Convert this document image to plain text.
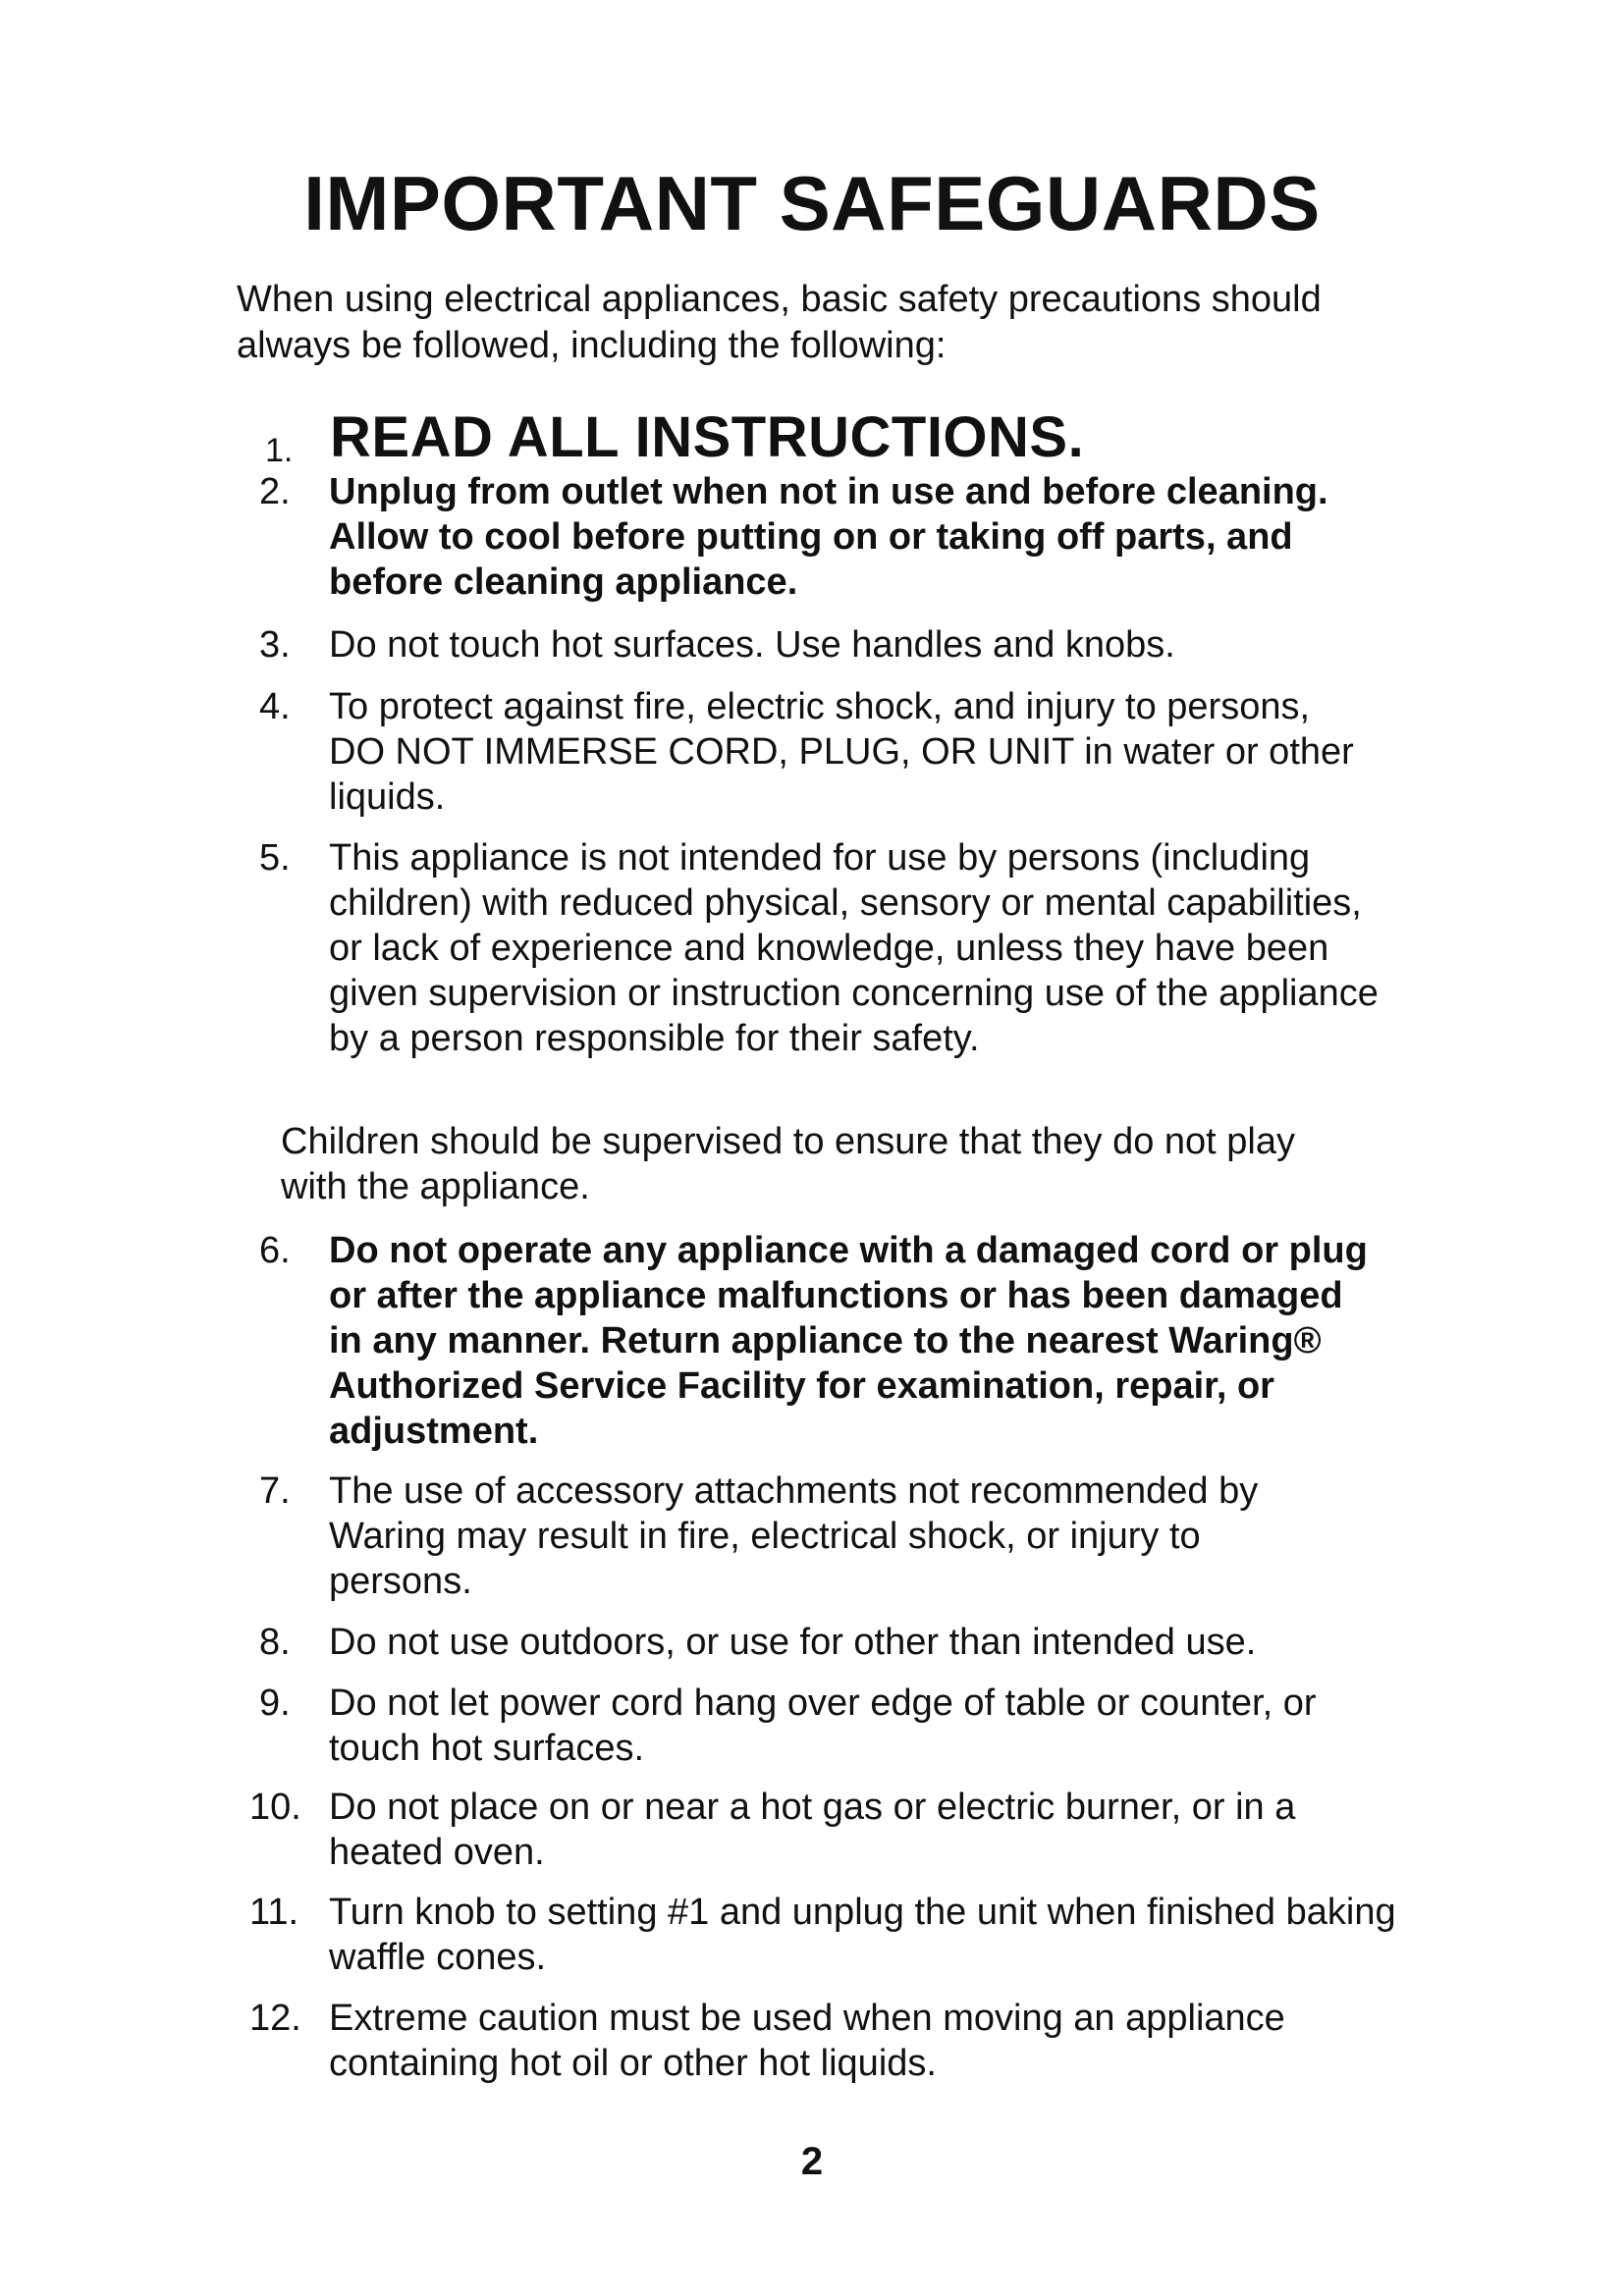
IMPORTANT SAFEGUARDS

When using electrical appliances, basic safety precautions should always be followed, including the following:

1. READ ALL INSTRUCTIONS.
2. Unplug from outlet when not in use and before cleaning. Allow to cool before putting on or taking off parts, and before cleaning appliance.
3. Do not touch hot surfaces. Use handles and knobs.
4. To protect against fire, electric shock, and injury to persons, DO NOT IMMERSE CORD, PLUG, OR UNIT in water or other liquids.
5. This appliance is not intended for use by persons (including children) with reduced physical, sensory or mental capabilities, or lack of experience and knowledge, unless they have been given supervision or instruction concerning use of the appliance by a person responsible for their safety.

Children should be supervised to ensure that they do not play with the appliance.

6. Do not operate any appliance with a damaged cord or plug or after the appliance malfunctions or has been damaged in any manner. Return appliance to the nearest Waring® Authorized Service Facility for examination, repair, or adjustment.
7. The use of accessory attachments not recommended by Waring may result in fire, electrical shock, or injury to persons.
8. Do not use outdoors, or use for other than intended use.
9. Do not let power cord hang over edge of table or counter, or touch hot surfaces.
10. Do not place on or near a hot gas or electric burner, or in a heated oven.
11. Turn knob to setting #1 and unplug the unit when finished baking waffle cones.
12. Extreme caution must be used when moving an appliance containing hot oil or other hot liquids.

2
